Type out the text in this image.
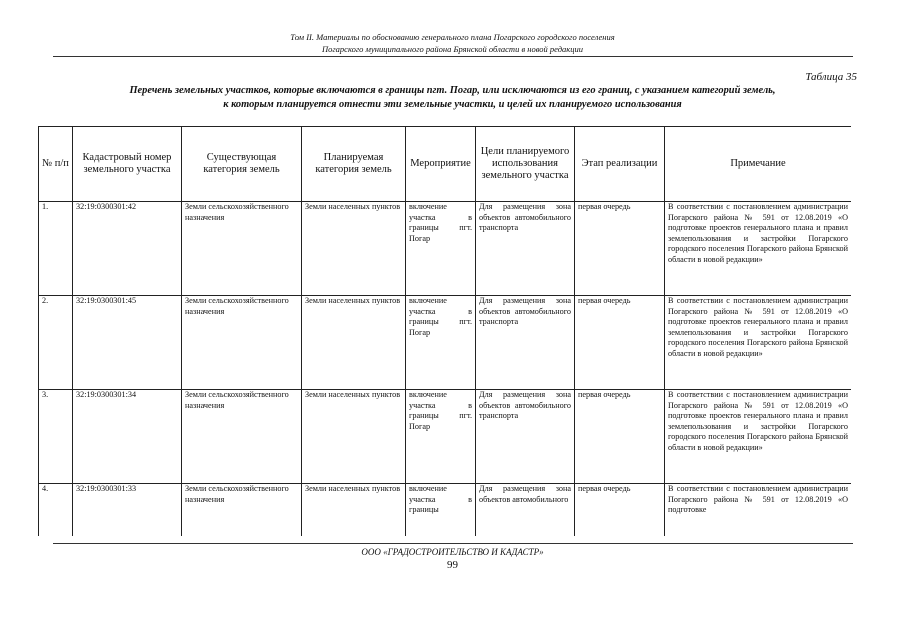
Том II. Материалы по обоснованию генерального плана Погарского городского поселения
Погарского муниципального района Брянской области в новой редакции
Таблица 35
Перечень земельных участков, которые включаются в границы пгт. Погар, или исключаются из его границ, с указанием категорий земель,
к которым планируется отнести эти земельные участки, и целей их планируемого использования
№ п/п	Кадастровый номер земельного участка	Существующая категория земель	Планируемая категория земель	Мероприятие	Цели планируемого использования земельного участка	Этап реализации	Примечание
1.	32:19:0300301:42	Земли сельскохозяйственного назначения	Земли населенных пунктов	включение участка в границы пгт. Погар	Для размещения зона объектов автомобильного транспорта	первая очередь	В соответствии с постановлением администрации Погарского района № 591 от 12.08.2019 «О подготовке проектов генерального плана и правил землепользования и застройки Погарского городского поселения Погарского района Брянской области в новой редакции»
2.	32:19:0300301:45	Земли сельскохозяйственного назначения	Земли населенных пунктов	включение участка в границы пгт. Погар	Для размещения зона объектов автомобильного транспорта	первая очередь	В соответствии с постановлением администрации Погарского района № 591 от 12.08.2019 «О подготовке проектов генерального плана и правил землепользования и застройки Погарского городского поселения Погарского района Брянской области в новой редакции»
3.	32:19:0300301:34	Земли сельскохозяйственного назначения	Земли населенных пунктов	включение участка в границы пгт. Погар	Для размещения зона объектов автомобильного транспорта	первая очередь	В соответствии с постановлением администрации Погарского района № 591 от 12.08.2019 «О подготовке проектов генерального плана и правил землепользования и застройки Погарского городского поселения Погарского района Брянской области в новой редакции»
4.	32:19:0300301:33	Земли сельскохозяйственного назначения	Земли населенных пунктов	включение участка в границы	Для размещения зона объектов автомобильного	первая очередь	В соответствии с постановлением администрации Погарского района № 591 от 12.08.2019 «О подготовке
ООО «ГРАДОСТРОИТЕЛЬСТВО И КАДАСТР»
99
